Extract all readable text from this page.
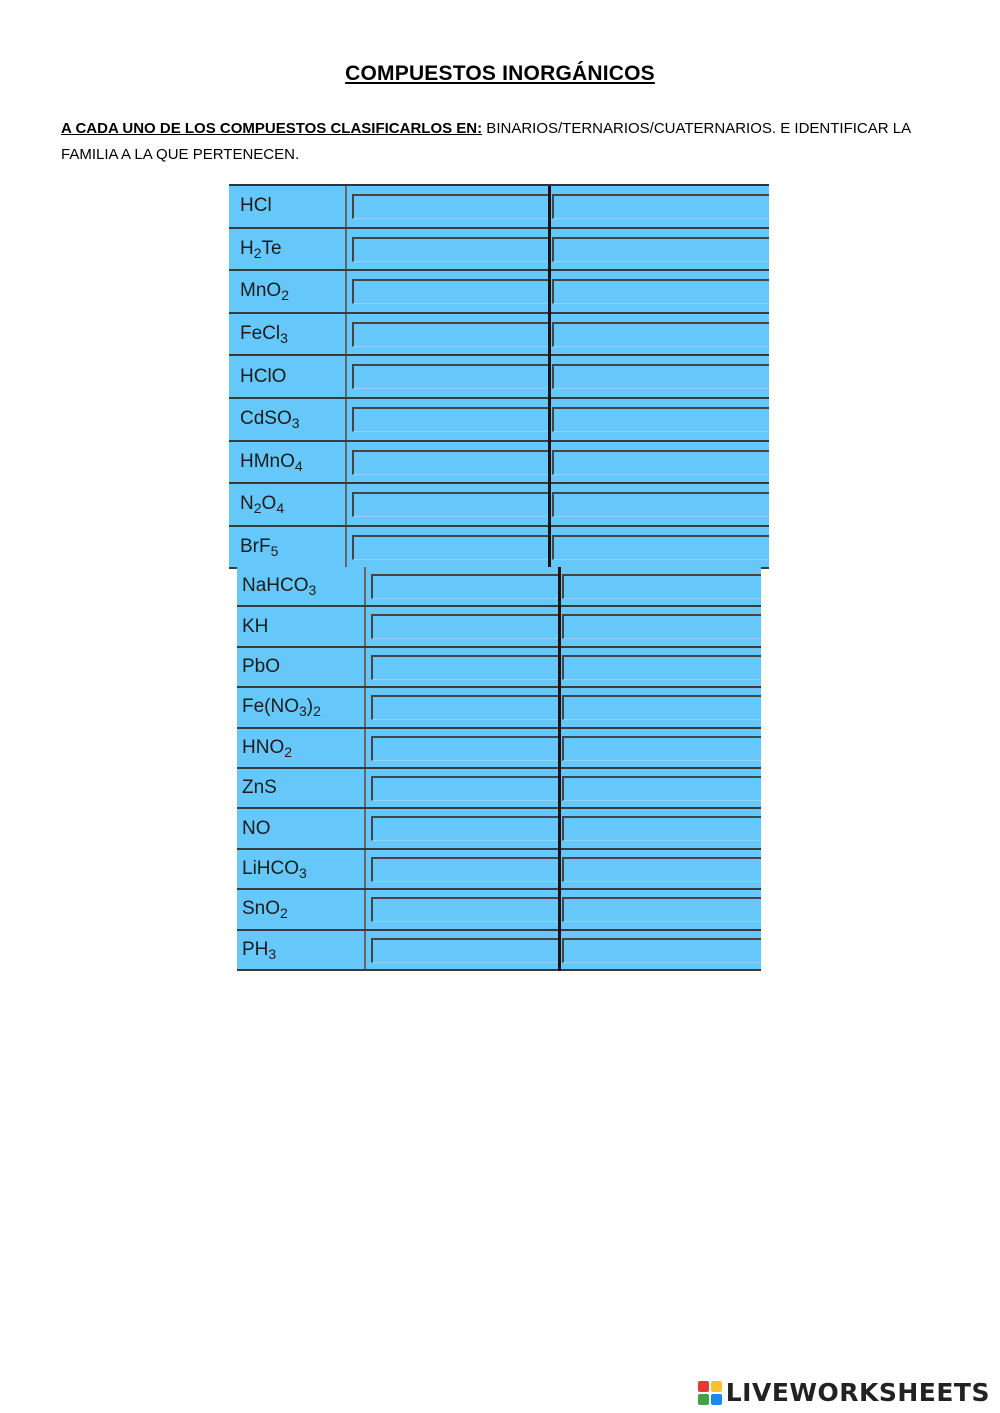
COMPUESTOS INORGÁNICOS
A CADA UNO DE LOS COMPUESTOS CLASIFICARLOS EN: BINARIOS/TERNARIOS/CUATERNARIOS. E IDENTIFICAR LA FAMILIA A LA QUE PERTENECEN.
HCl
$H_2$ Te
MnO$_2$
FeCl$_3$
HClO
CdSO$_3$
HMnO$_4$
$N_2$ $O_4$
BrF$_5$
NaHCO$_3$
KH
PbO
$Fe(NO_3$ )$_2$
$HNO_2$
ZnS
NO
LiHCO$_3$
SnO$_2$
$PH_3$
LIVEWORKSHEETS
